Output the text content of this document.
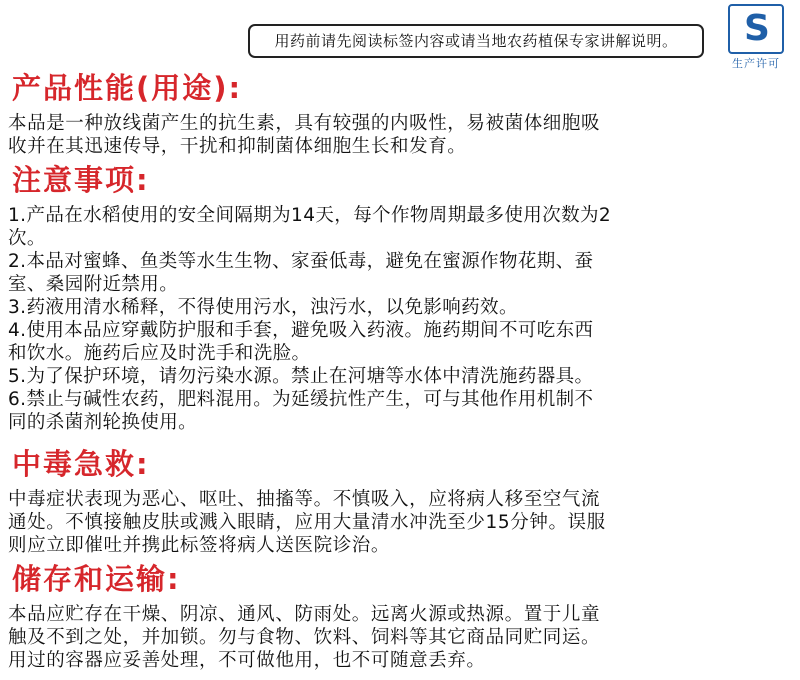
用药前请先阅读标签内容或请当地农药植保专家讲解说明。	S
生产许可
产品性能(用途):

本品是一种放线菌产生的抗生素，具有较强的内吸性，易被菌体细胞吸

收并在其迅速传导，干扰和抑制菌体细胞生长和发育。

注意事项:
1.产品在水稻使用的安全间隔期为14天，每个作物周期最多使用次数为2
次。
2.本品对蜜蜂、鱼类等水生生物、家蚕低毒，避免在蜜源作物花期、蚕
室、桑园附近禁用。
3.药液用清水稀释，不得使用污水，浊污水，以免影响药效。
4.使用本品应穿戴防护服和手套，避免吸入药液。施药期间不可吃东西
和饮水。施药后应及时洗手和洗脸。
5.为了保护环境，请勿污染水源。禁止在河塘等水体中清洗施药器具。
6.禁止与碱性农药，肥料混用。为延缓抗性产生，可与其他作用机制不
同的杀菌剂轮换使用。
中毒急救:

中毒症状表现为恶心、呕吐、抽搐等。不慎吸入，应将病人移至空气流

通处。不慎接触皮肤或溅入眼睛，应用大量清水冲洗至少15分钟。误服

则应立即催吐并携此标签将病人送医院诊治。

储存和运输:

本品应贮存在干燥、阴凉、通风、防雨处。远离火源或热源。置于儿童

触及不到之处，并加锁。勿与食物、饮料、饲料等其它商品同贮同运。

用过的容器应妥善处理，不可做他用，也不可随意丢弃。
